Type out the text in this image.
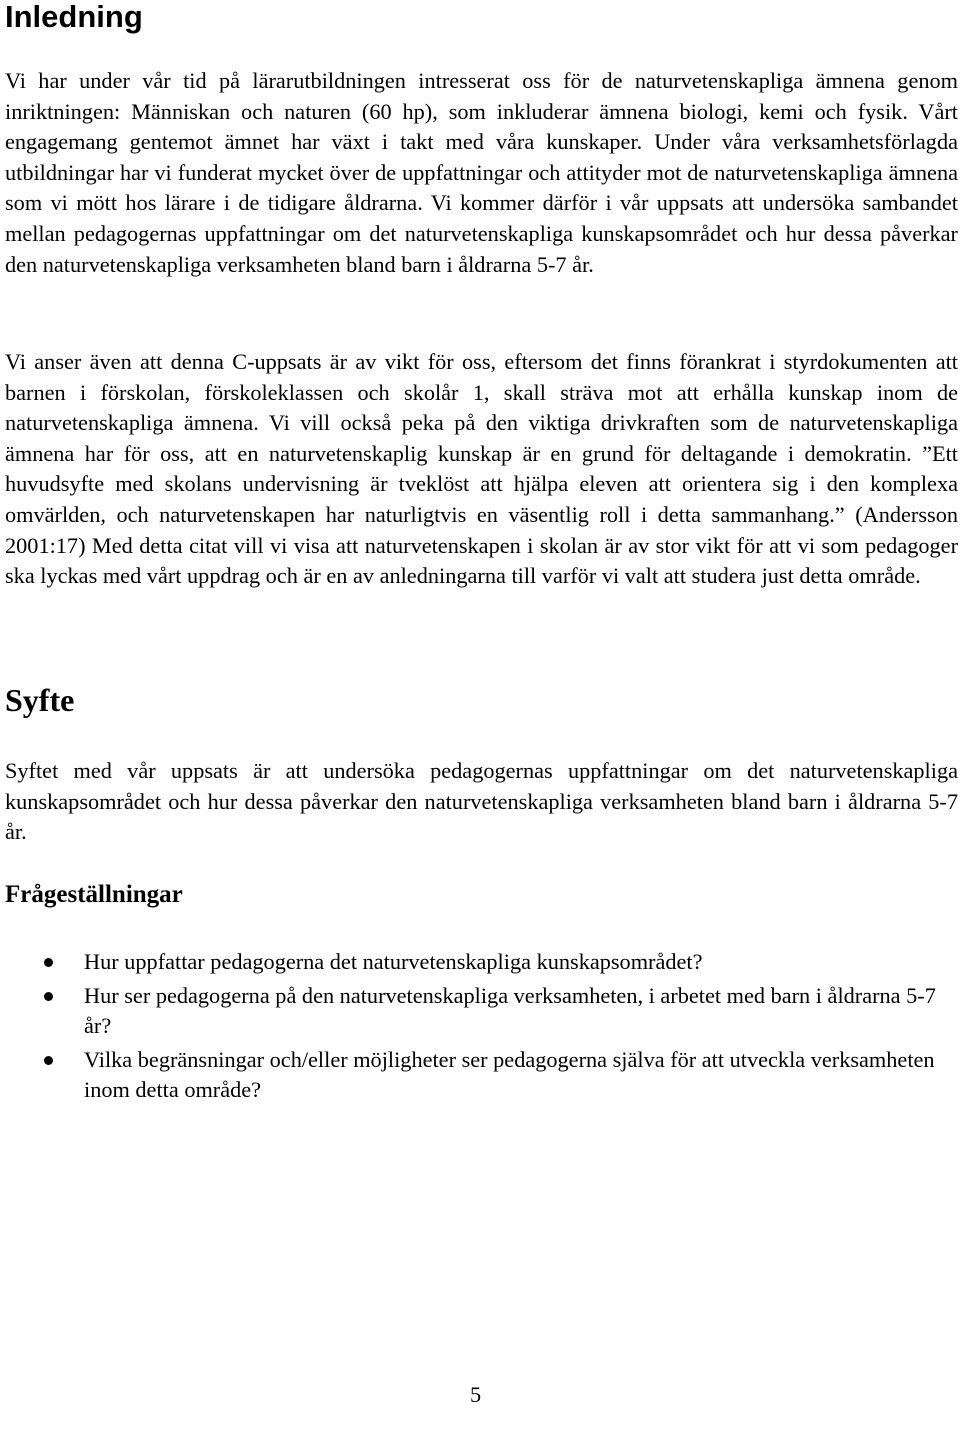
Inledning

Vi har under vår tid på lärarutbildningen intresserat oss för de naturvetenskapliga ämnena genom inriktningen: Människan och naturen (60 hp), som inkluderar ämnena biologi, kemi och fysik. Vårt engagemang gentemot ämnet har växt i takt med våra kunskaper. Under våra verksamhetsförlagda utbildningar har vi funderat mycket över de uppfattningar och attityder mot de naturvetenskapliga ämnena som vi mött hos lärare i de tidigare åldrarna. Vi kommer därför i vår uppsats att undersöka sambandet mellan pedagogernas uppfattningar om det naturvetenskapliga kunskapsområdet och hur dessa påverkar den naturvetenskapliga verksamheten bland barn i åldrarna 5-7 år.

Vi anser även att denna C-uppsats är av vikt för oss, eftersom det finns förankrat i styrdokumenten att barnen i förskolan, förskoleklassen och skolår 1, skall sträva mot att erhålla kunskap inom de naturvetenskapliga ämnena. Vi vill också peka på den viktiga drivkraften som de naturvetenskapliga ämnena har för oss, att en naturvetenskaplig kunskap är en grund för deltagande i demokratin. ”Ett huvudsyfte med skolans undervisning är tveklöst att hjälpa eleven att orientera sig i den komplexa omvärlden, och naturvetenskapen har naturligtvis en väsentlig roll i detta sammanhang.” (Andersson 2001:17) Med detta citat vill vi visa att naturvetenskapen i skolan är av stor vikt för att vi som pedagoger ska lyckas med vårt uppdrag och är en av anledningarna till varför vi valt att studera just detta område.

Syfte

Syftet med vår uppsats är att undersöka pedagogernas uppfattningar om det naturvetenskapliga kunskapsområdet och hur dessa påverkar den naturvetenskapliga verksamheten bland barn i åldrarna 5-7 år.

Frågeställningar
Hur uppfattar pedagogerna det naturvetenskapliga kunskapsområdet?
Hur ser pedagogerna på den naturvetenskapliga verksamheten, i arbetet med barn i åldrarna 5-7 år?
Vilka begränsningar och/eller möjligheter ser pedagogerna själva för att utveckla verksamheten inom detta område?
5
